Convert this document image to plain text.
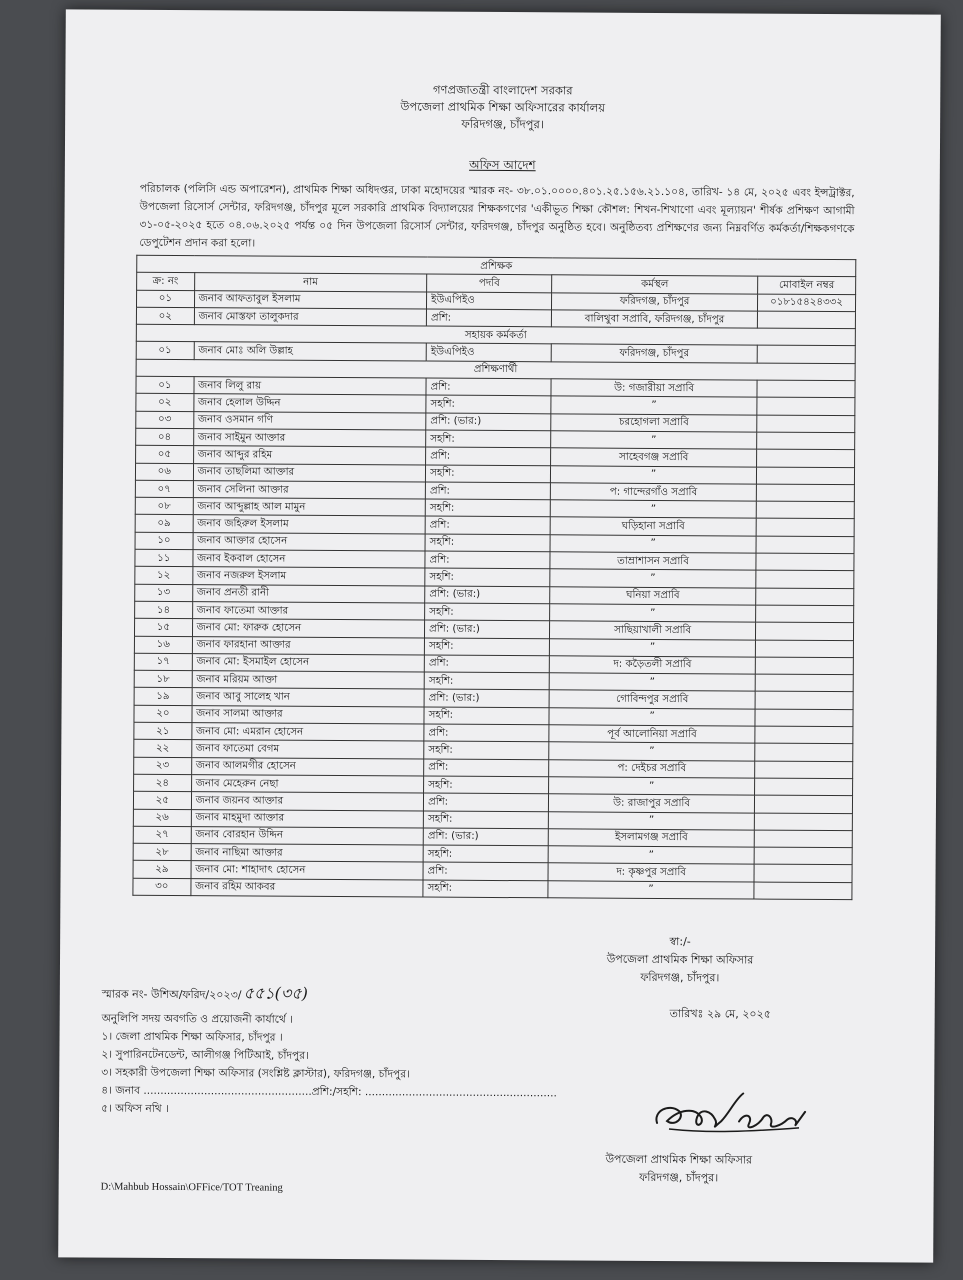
গণপ্রজাতন্ত্রী বাংলাদেশ সরকার
উপজেলা প্রাথমিক শিক্ষা অফিসারের কার্যালয়
ফরিদগঞ্জ, চাঁদপুর।
অফিস আদেশ
পরিচালক (পলিসি এন্ড অপারেশন), প্রাথমিক শিক্ষা অধিদপ্তর, ঢাকা মহোদয়ের স্মারক নং- ৩৮.০১.০০০০.৪০১.২৫.১৫৬.২১.১০৪, তারিখ- ১৪ মে, ২০২৫ এবং ইন্সট্রাক্টর, উপজেলা রিসোর্স সেন্টার, ফরিদগঞ্জ, চাঁদপুর মূলে সরকারি প্রাথমিক বিদ্যালয়ের শিক্ষকগণের 'একীভূত শিক্ষা কৌশল: শিখন-শিখাণো এবং মূল্যায়ন' শীর্ষক প্রশিক্ষণ আগামী ৩১-০৫-২০২৫ হতে ০৪.০৬.২০২৫ পর্যন্ত ০৫ দিন উপজেলা রিসোর্স সেন্টার, ফরিদগঞ্জ, চাঁদপুর অনুষ্ঠিত হবে। অনুষ্ঠিতব্য প্রশিক্ষণের জন্য নিম্নবর্ণিত কর্মকর্তা/শিক্ষকগণকে ডেপুটেশন প্রদান করা হলো।
প্রশিক্ষক				
ক্র: নং	নাম	পদবি	কর্মস্থল	মোবাইল নম্বর
০১	জনাব আফতাবুল ইসলাম	ইউএপিইও	ফরিদগঞ্জ, চাঁদপুর	০১৮১৫৪২৪৩৩২
০২	জনাব মোস্তফা তালুকদার	প্রশি:	বালিথুবা সপ্রাবি, ফরিদগঞ্জ, চাঁদপুর	
সহায়ক কর্মকর্তা				
০১	জনাব মোঃ অলি উল্লাহ	ইউএপিইও	ফরিদগঞ্জ, চাঁদপুর	
প্রশিক্ষণার্থী				
০১	জনাব লিলু রায়	প্রশি:	উ: গজারীয়া সপ্রাবি	
০২	জনাব হেলাল উদ্দিন	সহশি:	”	
০৩	জনাব ওসমান গণি	প্রশি: (ভার:)	চরহোগলা সপ্রাবি	
০৪	জনাব সাইমুন আক্তার	সহশি:	”	
০৫	জনাব আব্দুর রহিম	প্রশি:	সাহেবগঞ্জ সপ্রাবি	
০৬	জনাব তাছলিমা আক্তার	সহশি:	”	
০৭	জনাব সেলিনা আক্তার	প্রশি:	প: গান্দেরগাঁও সপ্রাবি	
০৮	জনাব আব্দুল্লাহ আল মামুন	সহশি:	”	
০৯	জনাব জহিরুল ইসলাম	প্রশি:	ঘড়িহানা সপ্রাবি	
১০	জনাব আক্তার হোসেন	সহশি:	”	
১১	জনাব ইকবাল হোসেন	প্রশি:	তাম্রাশাসন সপ্রাবি	
১২	জনাব নজরুল ইসলাম	সহশি:	”	
১৩	জনাব প্রনতী রানী	প্রশি: (ভার:)	ঘনিয়া সপ্রাবি	
১৪	জনাব ফাতেমা আক্তার	সহশি:	”	
১৫	জনাব মো: ফারুক হোসেন	প্রশি: (ভার:)	সাছিয়াখালী সপ্রাবি	
১৬	জনাব ফারহানা আক্তার	সহশি:	”	
১৭	জনাব মো: ইসমাইল হোসেন	প্রশি:	দ: কড়ৈতলী সপ্রাবি	
১৮	জনাব মরিয়ম আক্তা	সহশি:	”	
১৯	জনাব আবু সালেহ খান	প্রশি: (ভার:)	গোবিন্দপুর সপ্রাবি	
২০	জনাব সালমা আক্তার	সহশি:	”	
২১	জনাব মো: এমরান হোসেন	প্রশি:	পূর্ব আলোনিয়া সপ্রাবি	
২২	জনাব ফাতেমা বেগম	সহশি:	”	
২৩	জনাব আলমগীর হোসেন	প্রশি:	প: দেইচর সপ্রাবি	
২৪	জনাব মেহেরুন নেছা	সহশি:	”	
২৫	জনাব জয়নব আক্তার	প্রশি:	উ: রাজাপুর সপ্রাবি	
২৬	জনাব মাহমুদা আক্তার	সহশি:	”	
২৭	জনাব বোরহান উদ্দিন	প্রশি: (ভার:)	ইসলামগঞ্জ সপ্রাবি	
২৮	জনাব নাছিমা আক্তার	সহশি:	”	
২৯	জনাব মো: শাহাদাৎ হোসেন	প্রশি:	দ: কৃষ্ণপুর সপ্রাবি	
৩০	জনাব রহিম আকবর	সহশি:	”	
স্বা:/-
উপজেলা প্রাথমিক শিক্ষা অফিসার
ফরিদগঞ্জ, চাঁদপুর।
স্মারক নং- উশিঅ/ফরিদ/২০২৩/ ৫৫১(৩৫)
তারিখঃ ২৯ মে, ২০২৫
অনুলিপি সদয় অবগতি ও প্রয়োজনী কার্যার্থে ।
১। জেলা প্রাথমিক শিক্ষা অফিসার, চাঁদপুর ।
২। সুপারিনটেনডেন্ট, আলীগঞ্জ পিটিআই, চাঁদপুর।
৩। সহকারী উপজেলা শিক্ষা অফিসার (সংশ্লিষ্ট ক্লাস্টার), ফরিদগঞ্জ, চাঁদপুর।
৪। জনাব ..................................................প্রশি:/সহশি: .........................................................
৫। অফিস নথি ।
উপজেলা প্রাথমিক শিক্ষা অফিসার
ফরিদগঞ্জ, চাঁদপুর।
D:\Mahbub Hossain\OFFice/TOT Treaning
